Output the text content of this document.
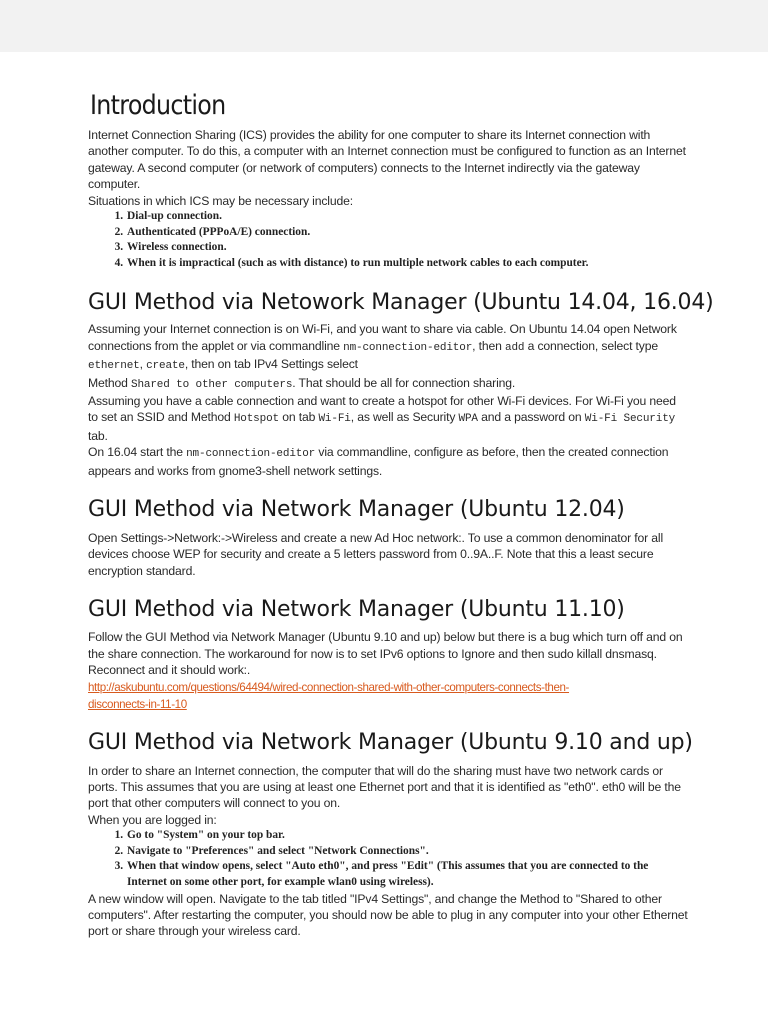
Introduction

Internet Connection Sharing (ICS) provides the ability for one computer to share its Internet connection with another computer. To do this, a computer with an Internet connection must be configured to function as an Internet gateway. A second computer (or network of computers) connects to the Internet indirectly via the gateway computer.

Situations in which ICS may be necessary include:

1. Dial-up connection.
2. Authenticated (PPPoA/E) connection.
3. Wireless connection.
4. When it is impractical (such as with distance) to run multiple network cables to each computer.
GUI Method via Netowork Manager (Ubuntu 14.04, 16.04)

Assuming your Internet connection is on Wi-Fi, and you want to share via cable. On Ubuntu 14.04 open Network connections from the applet or via commandline nm-connection-editor, then add a connection, select type ethernet, create, then on tab IPv4 Settings select

Method Shared to other computers. That should be all for connection sharing.

Assuming you have a cable connection and want to create a hotspot for other Wi-Fi devices. For Wi-Fi you need to set an SSID and Method Hotspot on tab Wi-Fi, as well as Security WPA and a password on Wi-Fi Security tab.

On 16.04 start the nm-connection-editor via commandline, configure as before, then the created connection appears and works from gnome3-shell network settings.

GUI Method via Network Manager (Ubuntu 12.04)

Open Settings->Network:->Wireless and create a new Ad Hoc network:. To use a common denominator for all devices choose WEP for security and create a 5 letters password from 0..9A..F. Note that this a least secure encryption standard.

GUI Method via Network Manager (Ubuntu 11.10)

Follow the GUI Method via Network Manager (Ubuntu 9.10 and up) below but there is a bug which turn off and on the share connection. The workaround for now is to set IPv6 options to Ignore and then sudo killall dnsmasq. Reconnect and it should work:.

http://askubuntu.com/questions/64494/wired-connection-shared-with-other-computers-connects-then-
disconnects-in-11-10
GUI Method via Network Manager (Ubuntu 9.10 and up)

In order to share an Internet connection, the computer that will do the sharing must have two network cards or ports. This assumes that you are using at least one Ethernet port and that it is identified as "eth0". eth0 will be the port that other computers will connect to you on.

When you are logged in:

1. Go to "System" on your top bar.
2. Navigate to "Preferences" and select "Network Connections".
3. When that window opens, select "Auto eth0", and press "Edit" (This assumes that you are connected to the Internet on some other port, for example wlan0 using wireless).

A new window will open. Navigate to the tab titled "IPv4 Settings", and change the Method to "Shared to other computers". After restarting the computer, you should now be able to plug in any computer into your other Ethernet port or share through your wireless card.
